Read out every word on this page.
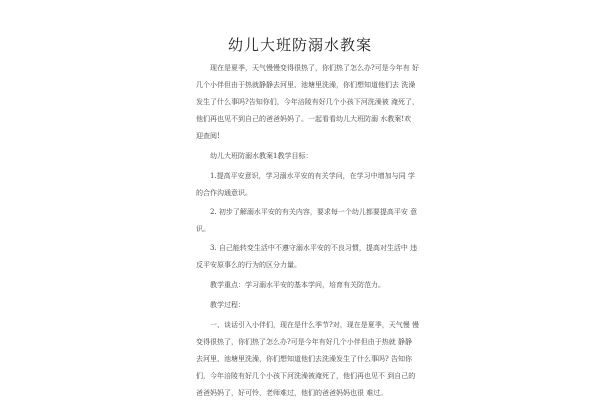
幼儿大班防溺水教案
现在是夏季，天气慢慢变得很热了，你们热了怎么办?可是今年有 好
几个小伴但由于热就静静去河里、池塘里洗澡，你们想知道他们去 洗澡
发生了什么事吗?告知你们，今年涪陵有好几个小孩下河洗澡被 淹死了，
他们再也见不到自己的爸爸妈妈了。一起看看幼儿大班防溺 水教案!欢
迎查阅!
幼儿大班防溺水教案1教学目标：
1.提高平安意识，学习溺水平安的有关学问，在学习中增加与同 学
的合作沟通意识。
2. 初步了解溺水平安的有关内容，要求每一个幼儿都要提高平安 意
识。
3. 自己能转变生活中不遵守溺水平安的不良习惯，提高对生活中 违
反平安原事么的行为的区分力量。
教学重点：学习溺水平安的基本学问，培育有关防范力。
教学过程：
一、谈话引入小伴们，现在是什么季节?对，现在是夏季，天气慢 慢
变得很热了，你们热了怎么办?可是今年有好几个小伴但由于热就 静静
去河里、池塘里洗澡，你们想知道他们去洗澡发生了什么事吗? 告知你
们，今年涪陵有好几个小孩下河洗澡被淹死了，他们再也见不 到自己的
爸爸妈妈了，好可怜，老师难过，他们的爸爸妈妈也很 难过。
